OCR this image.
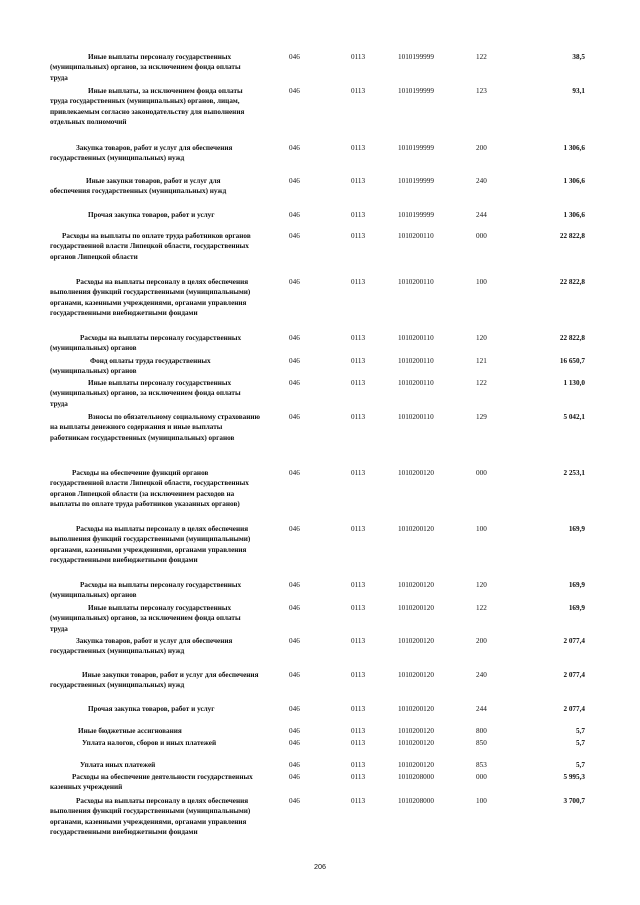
Иные выплаты персоналу государственных (муниципальных) органов, за исключением фонда оплаты труда
046	0113	1010199999	122	38,5
Иные выплаты, за исключением фонда оплаты труда государственных (муниципальных) органов, лицам, привлекаемым согласно законодательству для выполнения отдельных полномочий
046	0113	1010199999	123	93,1
Закупка товаров, работ и услуг для обеспечения государственных (муниципальных) нужд
046	0113	1010199999	200	1 306,6
Иные закупки товаров, работ и услуг для обеспечения государственных (муниципальных) нужд
046	0113	1010199999	240	1 306,6
Прочая закупка товаров, работ и услуг	046	0113	1010199999	244	1 306,6
Расходы на выплаты по оплате труда работников органов государственной власти Липецкой области, государственных органов Липецкой области
046	0113	1010200110	000	22 822,8
Расходы на выплаты персоналу в целях обеспечения выполнения функций государственными (муниципальными) органами, казенными учреждениями, органами управления государственными внебюджетными фондами
046	0113	1010200110	100	22 822,8
Расходы на выплаты персоналу государственных (муниципальных) органов
046	0113	1010200110	120	22 822,8
Фонд оплаты труда государственных (муниципальных) органов
046	0113	1010200110	121	16 650,7
Иные выплаты персоналу государственных (муниципальных) органов, за исключением фонда оплаты труда
046	0113	1010200110	122	1 130,0
Взносы по обязательному социальному страхованию на выплаты денежного содержания и иные выплаты работникам государственных (муниципальных) органов
046	0113	1010200110	129	5 042,1
Расходы на обеспечение функций органов государственной власти Липецкой области, государственных органов Липецкой области (за исключением расходов на выплаты по оплате труда работников указанных органов)
046	0113	1010200120	000	2 253,1
Расходы на выплаты персоналу в целях обеспечения выполнения функций государственными (муниципальными) органами, казенными учреждениями, органами управления государственными внебюджетными фондами
046	0113	1010200120	100	169,9
Расходы на выплаты персоналу государственных (муниципальных) органов
046	0113	1010200120	120	169,9
Иные выплаты персоналу государственных (муниципальных) органов, за исключением фонда оплаты труда
046	0113	1010200120	122	169,9
Закупка товаров, работ и услуг для обеспечения государственных (муниципальных) нужд
046	0113	1010200120	200	2 077,4
Иные закупки товаров, работ и услуг для обеспечения государственных (муниципальных) нужд
046	0113	1010200120	240	2 077,4
Прочая закупка товаров, работ и услуг	046	0113	1010200120	244	2 077,4
Иные бюджетные ассигнования	046	0113	1010200120	800	5,7
Уплата налогов, сборов и иных платежей	046	0113	1010200120	850	5,7
Уплата иных платежей	046	0113	1010200120	853	5,7
Расходы на обеспечение деятельности государственных казенных учреждений
046	0113	1010208000	000	5 995,3
Расходы на выплаты персоналу в целях обеспечения выполнения функций государственными (муниципальными) органами, казенными учреждениями, органами управления государственными внебюджетными фондами
046	0113	1010208000	100	3 700,7
206
